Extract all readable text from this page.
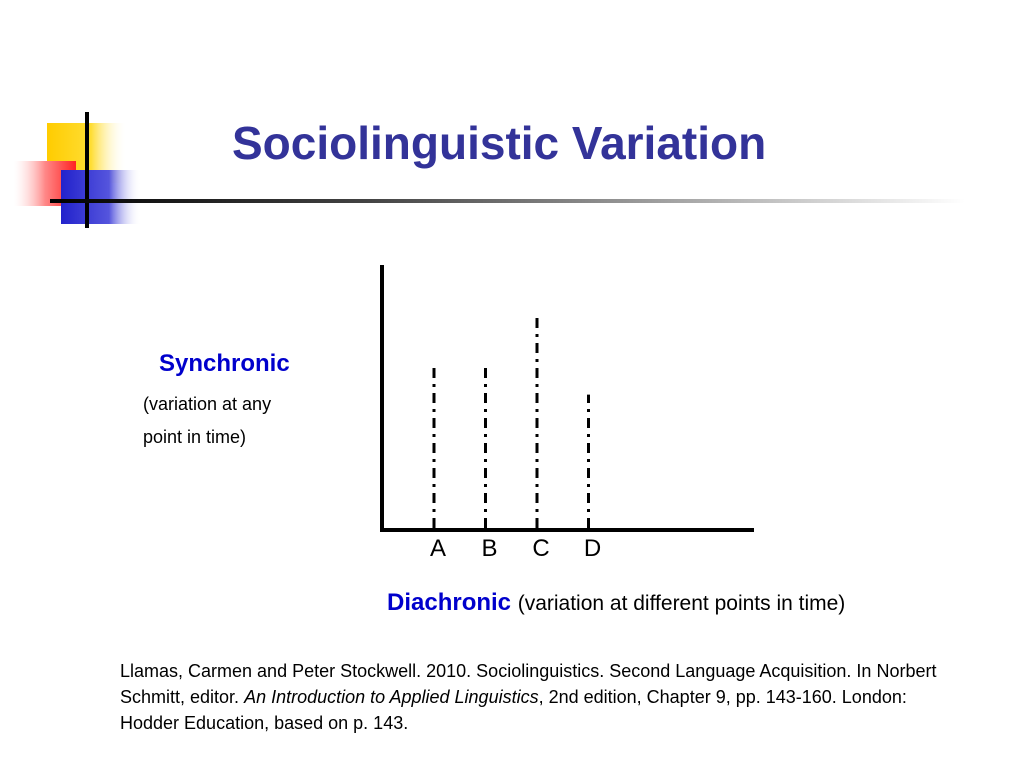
Sociolinguistic Variation
Synchronic
(variation at any
point in time)
A B C D
Diachronic (variation at different points in time)
Llamas, Carmen and Peter Stockwell. 2010. Sociolinguistics. Second Language Acquisition. In Norbert Schmitt, editor. An Introduction to Applied Linguistics, 2nd edition, Chapter 9, pp. 143-160. London: Hodder Education, based on p. 143.
